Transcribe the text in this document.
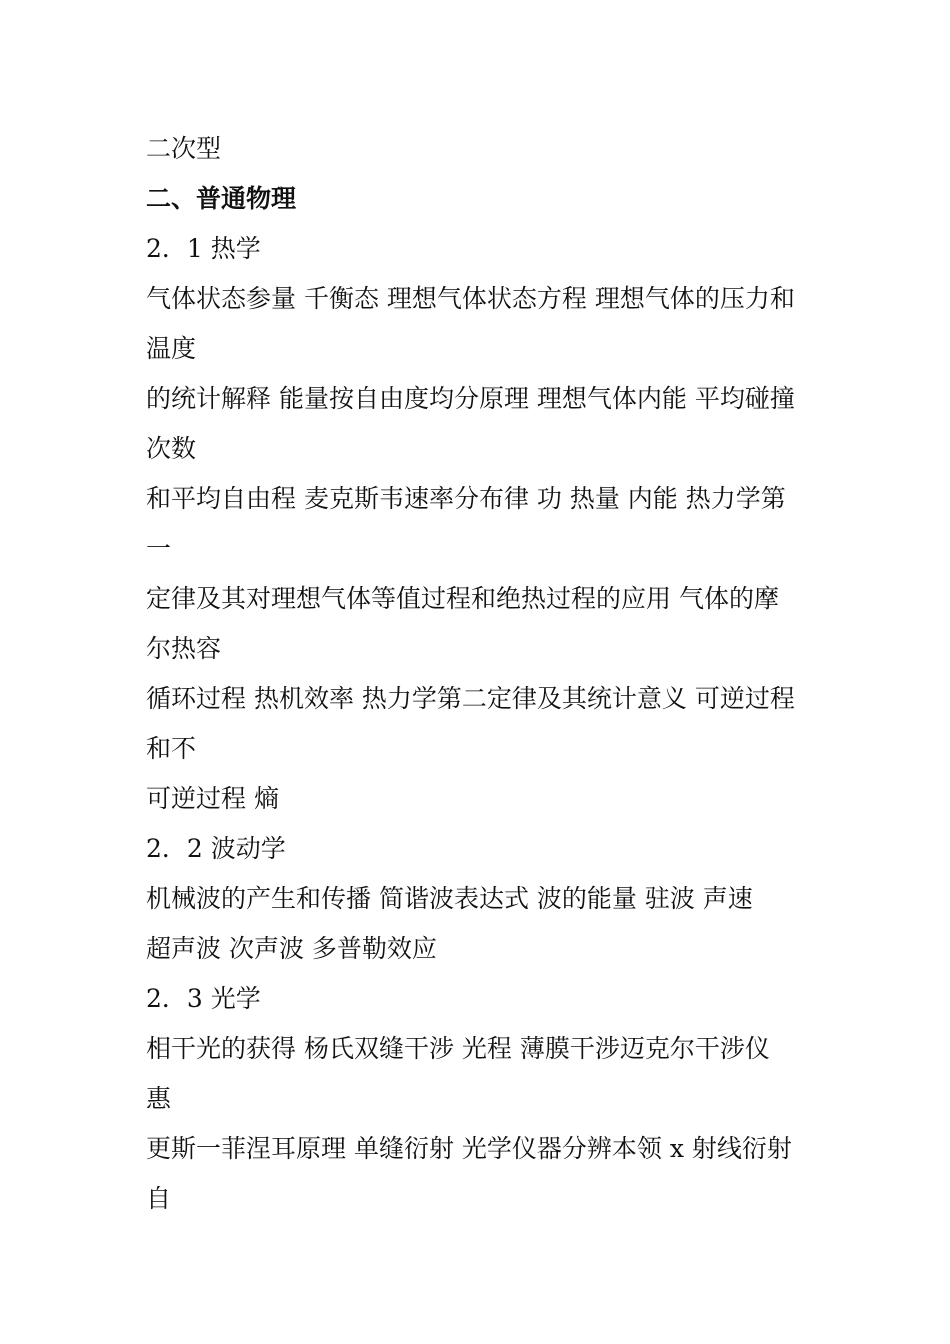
二次型
二、普通物理
2．1 热学
气体状态参量 千衡态 理想气体状态方程 理想气体的压力和
温度
的统计解释 能量按自由度均分原理 理想气体内能 平均碰撞
次数
和平均自由程 麦克斯韦速率分布律 功 热量 内能 热力学第
一
定律及其对理想气体等值过程和绝热过程的应用 气体的摩
尔热容
循环过程 热机效率 热力学第二定律及其统计意义 可逆过程
和不
可逆过程 熵
2．2 波动学
机械波的产生和传播 简谐波表达式 波的能量 驻波 声速
超声波 次声波 多普勒效应
2．3 光学
相干光的获得 杨氏双缝干涉 光程 薄膜干涉迈克尔干涉仪
惠
更斯一菲涅耳原理 单缝衍射 光学仪器分辨本领 x 射线衍射
自
